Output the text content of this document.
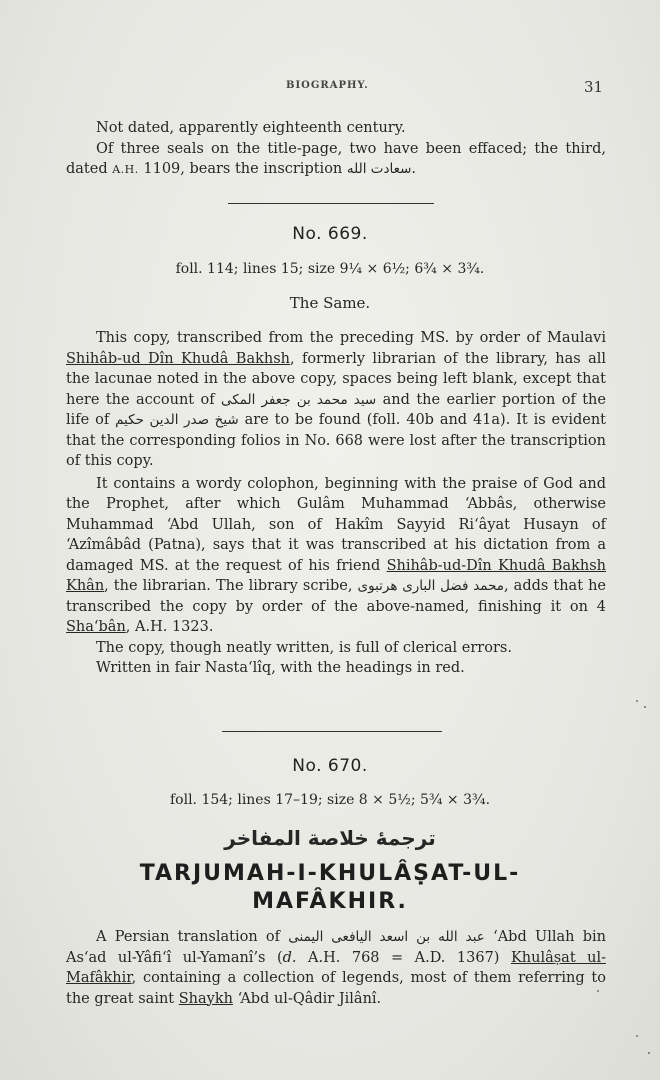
BIOGRAPHY.	31

Not dated, apparently eighteenth century.

Of three seals on the title-page, two have been effaced; the third, dated A.H. 1109, bears the inscription سعادت الله.

No. 669.
foll. 114; lines 15; size 9¼ × 6½; 6¾ × 3¾.
The Same.

This copy, transcribed from the preceding MS. by order of Maulavi Shihâb-ud Dîn Khudâ Bakhsh, formerly librarian of the library, has all the lacunae noted in the above copy, spaces being left blank, except that here the account of سید محمد بن جعفر المکی and the earlier portion of the life of شیخ صدر الدین حکیم are to be found (foll. 40b and 41a). It is evident that the corresponding folios in No. 668 were lost after the transcription of this copy.

It contains a wordy colophon, beginning with the praise of God and the Prophet, after which Gulâm Muhammad ‘Abbâs, otherwise Muhammad ‘Abd Ullah, son of Hakîm Sayyid Ri‘âyat Husayn of ‘Azîmâbâd (Patna), says that it was transcribed at his dictation from a damaged MS. at the request of his friend Shihâb-ud-Dîn Khudâ Bakhsh Khân, the librarian. The library scribe, محمد فضل الباری هرتبوی, adds that he transcribed the copy by order of the above-named, finishing it on 4 Sha‘bân, A.H. 1323.

The copy, though neatly written, is full of clerical errors.

Written in fair Nasta‘lîq, with the headings in red.

No. 670.
foll. 154; lines 17–19; size 8 × 5½; 5¾ × 3¾.
ترجمهٔ خلاصة المفاخر
TARJUMAH-I-KHULÂṢAT-UL-
MAFÂKHIR.

A Persian translation of عبد الله بن اسعد الیافعی الیمنی ‘Abd Ullah bin As‘ad ul-Yâfi‘î ul-Yamanî’s (d. A.H. 768 = A.D. 1367) Khulâṣat ul-Mafâkhir, containing a collection of legends, most of them referring to the great saint Shaykh ‘Abd ul-Qâdir Jilânî.
